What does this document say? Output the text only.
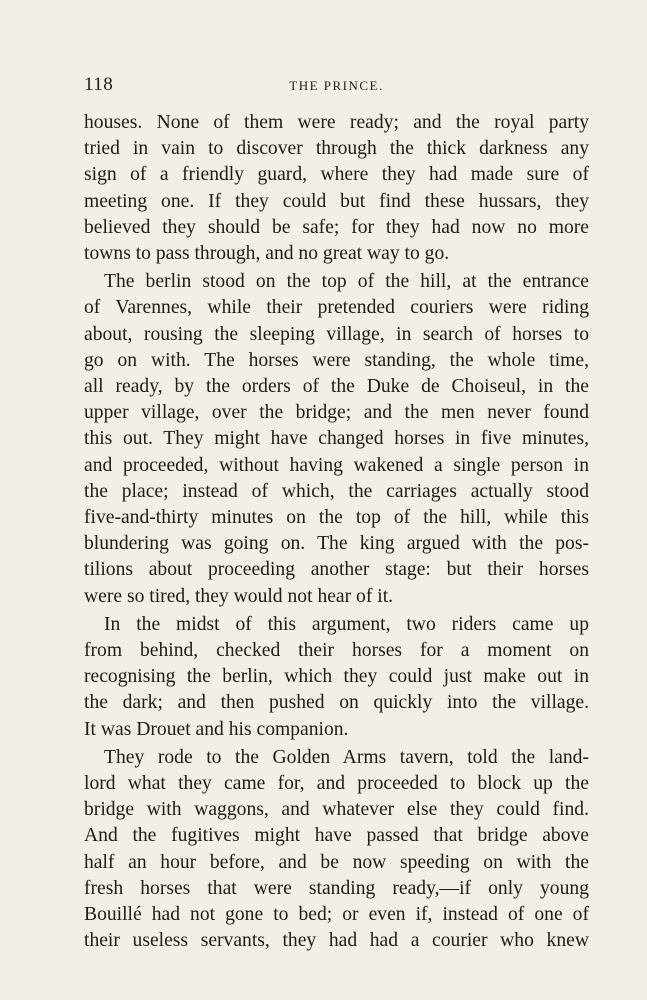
118	THE PRINCE.

houses. None of them were ready; and the royal party
tried in vain to discover through the thick darkness any
sign of a friendly guard, where they had made sure of
meeting one. If they could but find these hussars, they
believed they should be safe; for they had now no more
towns to pass through, and no great way to go.

The berlin stood on the top of the hill, at the entrance
of Varennes, while their pretended couriers were riding
about, rousing the sleeping village, in search of horses to
go on with. The horses were standing, the whole time,
all ready, by the orders of the Duke de Choiseul, in the
upper village, over the bridge; and the men never found
this out. They might have changed horses in five minutes,
and proceeded, without having wakened a single person in
the place; instead of which, the carriages actually stood
five-and-thirty minutes on the top of the hill, while this
blundering was going on. The king argued with the pos-
tilions about proceeding another stage: but their horses
were so tired, they would not hear of it.

In the midst of this argument, two riders came up
from behind, checked their horses for a moment on
recognising the berlin, which they could just make out in
the dark; and then pushed on quickly into the village.
It was Drouet and his companion.

They rode to the Golden Arms tavern, told the land-
lord what they came for, and proceeded to block up the
bridge with waggons, and whatever else they could find.
And the fugitives might have passed that bridge above
half an hour before, and be now speeding on with the
fresh horses that were standing ready,—if only young
Bouillé had not gone to bed; or even if, instead of one of
their useless servants, they had had a courier who knew
